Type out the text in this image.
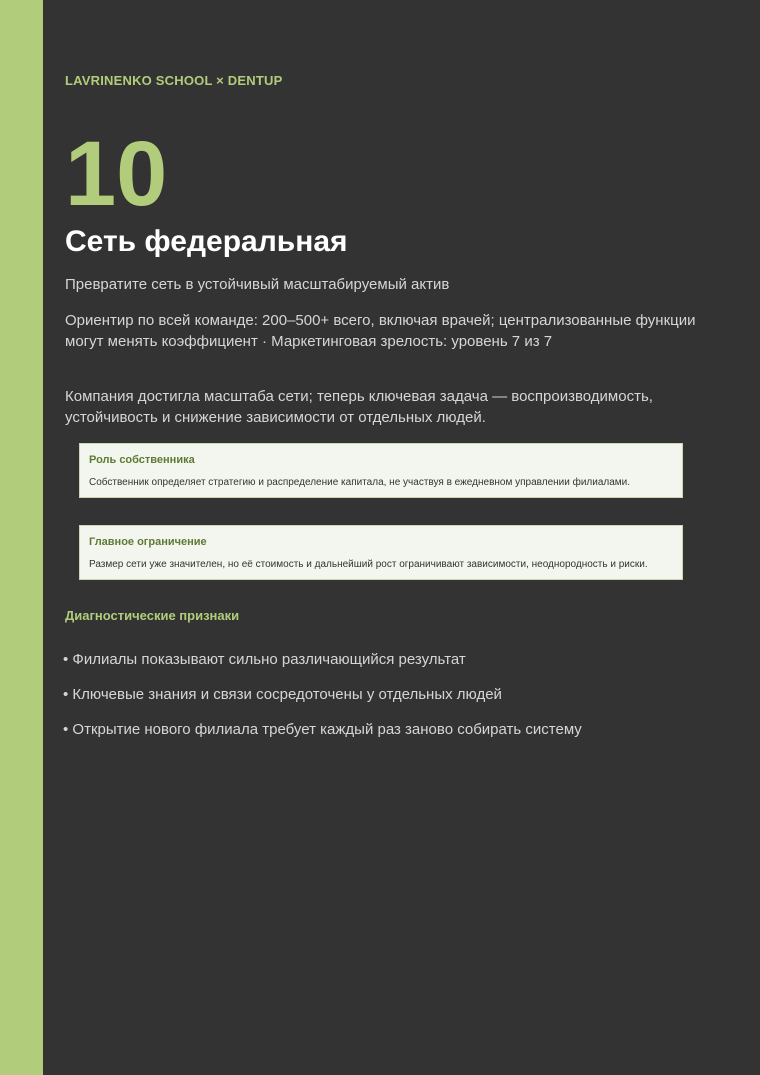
LAVRINENKO SCHOOL × DENTUP
10
Сеть федеральная
Превратите сеть в устойчивый масштабируемый актив
Ориентир по всей команде: 200–500+ всего, включая врачей; централизованные функции могут менять коэффициент · Маркетинговая зрелость: уровень 7 из 7
Компания достигла масштаба сети; теперь ключевая задача — воспроизводимость, устойчивость и снижение зависимости от отдельных людей.
Роль собственника
Собственник определяет стратегию и распределение капитала, не участвуя в ежедневном управлении филиалами.
Главное ограничение
Размер сети уже значителен, но её стоимость и дальнейший рост ограничивают зависимости, неоднородность и риски.
Диагностические признаки
• Филиалы показывают сильно различающийся результат
• Ключевые знания и связи сосредоточены у отдельных людей
• Открытие нового филиала требует каждый раз заново собирать систему
